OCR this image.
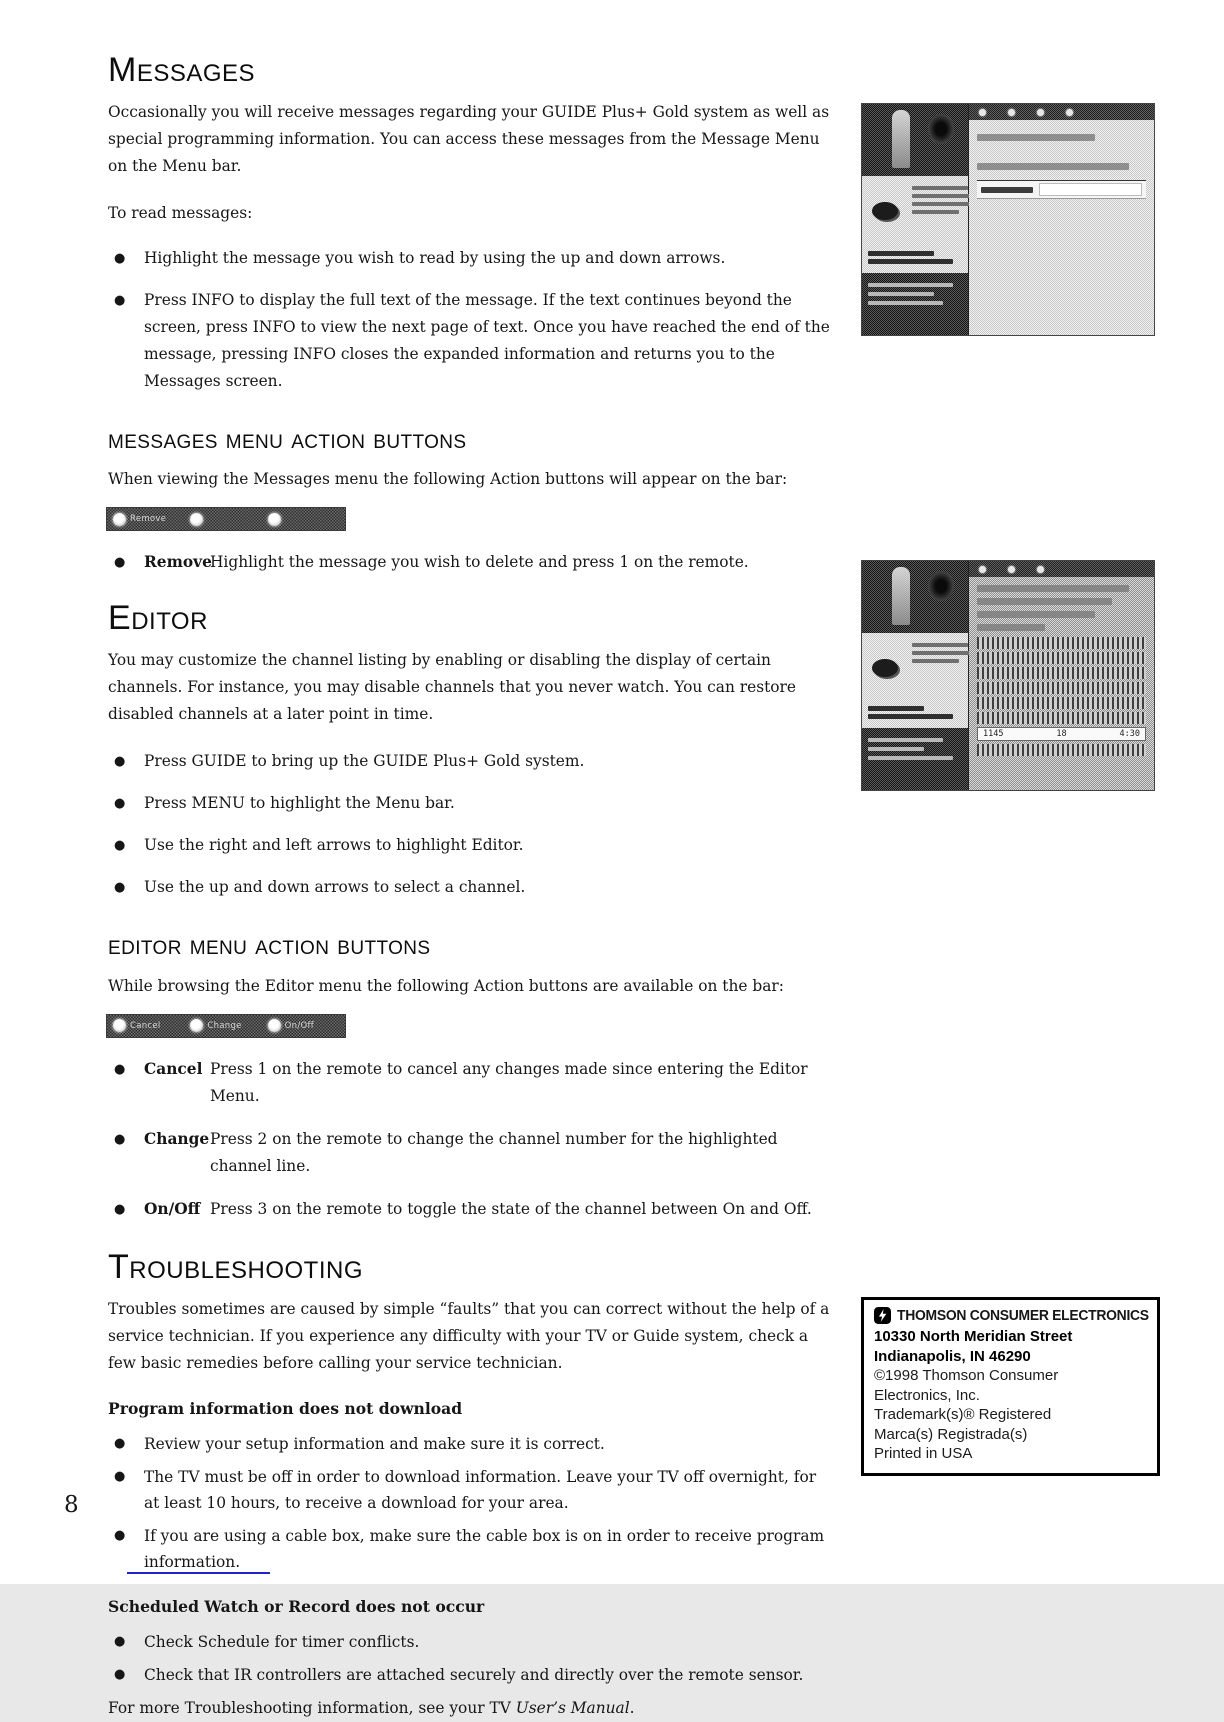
Messages

Occasionally you will receive messages regarding your GUIDE Plus+ Gold system as well as special programming information. You can access these messages from the Message Menu on the Menu bar.

To read messages:

●	Highlight the message you wish to read by using the up and down arrows.
●	Press INFO to display the full text of the message. If the text continues beyond the screen, press INFO to view the next page of text. Once you have reached the end of the message, pressing INFO closes the expanded information and returns you to the Messages screen.
messages menu action buttons

When viewing the Messages menu the following Action buttons will appear on the bar:

Remove
●	Remove
Highlight the message you wish to delete and press 1 on the remote.
Editor

You may customize the channel listing by enabling or disabling the display of certain channels. For instance, you may disable channels that you never watch. You can restore disabled channels at a later point in time.

●	Press GUIDE to bring up the GUIDE Plus+ Gold system.
●	Press MENU to highlight the Menu bar.
●	Use the right and left arrows to highlight Editor.
●	Use the up and down arrows to select a channel.
editor menu action buttons

While browsing the Editor menu the following Action buttons are available on the bar:

Cancel	Change	On/Off
●	Cancel Press 1 on the remote to cancel any changes made since entering the Editor Menu.
●	Change Press 2 on the remote to change the channel number for the highlighted channel line.
●	On/Off Press 3 on the remote to toggle the state of the channel between On and Off.
Troubleshooting

Troubles sometimes are caused by simple “faults” that you can correct without the help of a service technician. If you experience any difficulty with your TV or Guide system, check a few basic remedies before calling your service technician.

Program information does not download
●	Review your setup information and make sure it is correct.
●	The TV must be off in order to download information. Leave your TV off overnight, for at least 10 hours, to receive a download for your area.
●	If you are using a cable box, make sure the cable box is on in order to receive program information.
Scheduled Watch or Record does not occur
●	Check Schedule for timer conflicts.
●	Check that IR controllers are attached securely and directly over the remote sensor.

For more Troubleshooting information, see your TV User’s Manual.

1145	18	4:30
THOMSON CONSUMER ELECTRONICS
10330 North Meridian Street
Indianapolis, IN 46290
©1998 Thomson Consumer
Electronics, Inc.
Trademark(s)® Registered
Marca(s) Registrada(s)
Printed in USA
8
